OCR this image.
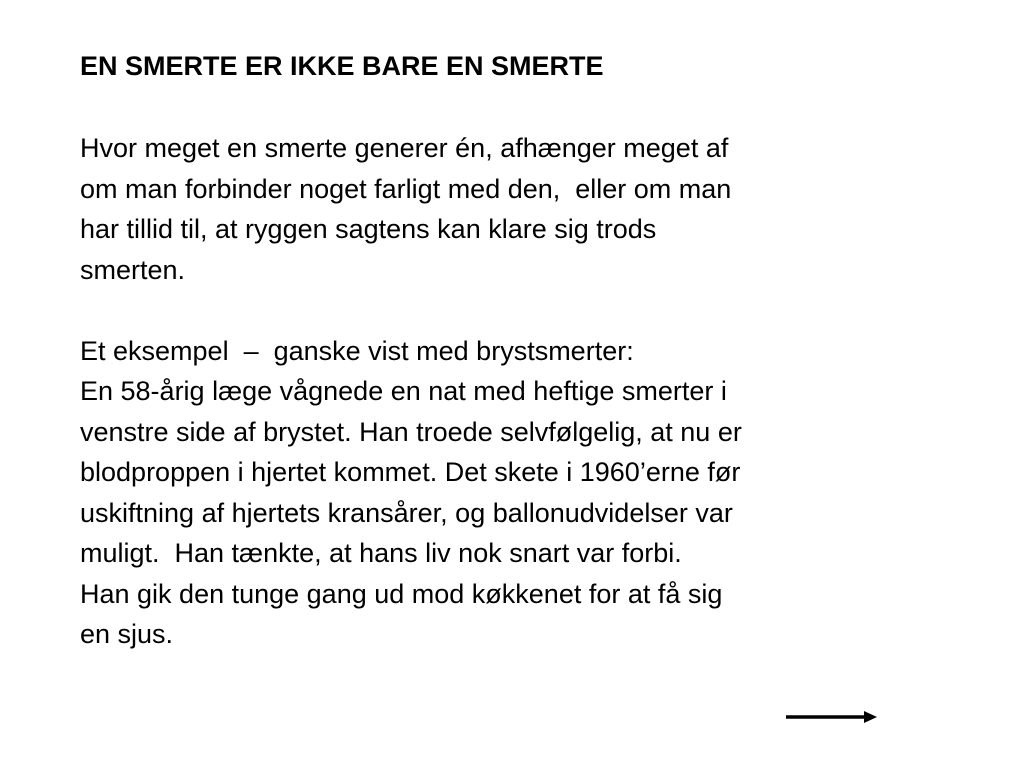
EN SMERTE ER IKKE BARE EN SMERTE
Hvor meget en smerte generer én, afhænger meget af
om man forbinder noget farligt med den,  eller om man
har tillid til, at ryggen sagtens kan klare sig trods
smerten.
Et eksempel  –  ganske vist med brystsmerter:
En 58-årig læge vågnede en nat med heftige smerter i
venstre side af brystet. Han troede selvfølgelig, at nu er
blodproppen i hjertet kommet. Det skete i 1960’erne før
uskiftning af hjertets kransårer, og ballonudvidelser var
muligt.  Han tænkte, at hans liv nok snart var forbi.
Han gik den tunge gang ud mod køkkenet for at få sig
en sjus.
